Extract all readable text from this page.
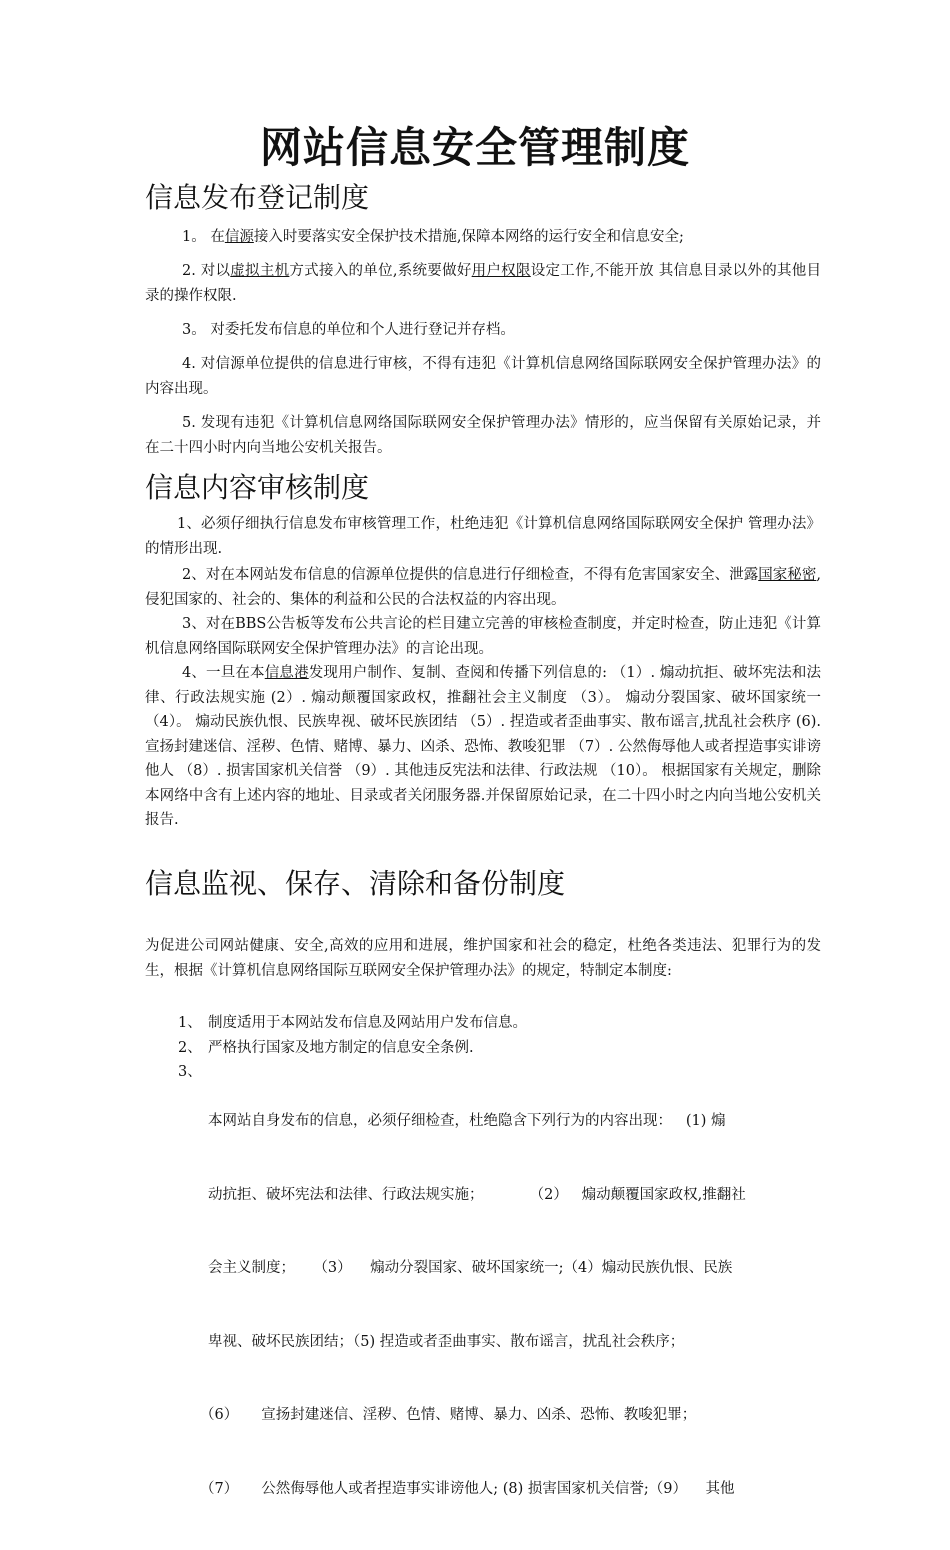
网站信息安全管理制度
信息发布登记制度
1。 在信源接入时要落实安全保护技术措施,保障本网络的运行安全和信息安全;
2. 对以虚拟主机方式接入的单位,系统要做好用户权限设定工作,不能开放 其信息目录以外的其他目录的操作权限.
3。 对委托发布信息的单位和个人进行登记并存档。
4. 对信源单位提供的信息进行审核，不得有违犯《计算机信息网络国际联网安全保护管理办法》的内容出现。
5. 发现有违犯《计算机信息网络国际联网安全保护管理办法》情形的，应当保留有关原始记录，并在二十四小时内向当地公安机关报告。
信息内容审核制度
1、必须仔细执行信息发布审核管理工作，杜绝违犯《计算机信息网络国际联网安全保护 管理办法》的情形出现.
2、对在本网站发布信息的信源单位提供的信息进行仔细检查，不得有危害国家安全、泄露国家秘密,侵犯国家的、社会的、集体的利益和公民的合法权益的内容出现。
3、对在BBS公告板等发布公共言论的栏目建立完善的审核检查制度，并定时检查，防止违犯《计算机信息网络国际联网安全保护管理办法》的言论出现。
4、一旦在本信息港发现用户制作、复制、查阅和传播下列信息的: （1）. 煽动抗拒、破坏宪法和法律、行政法规实施 (2）. 煽动颠覆国家政权，推翻社会主义制度 （3）。 煽动分裂国家、破坏国家统一 （4）。 煽动民族仇恨、民族卑视、破坏民族团结 （5）. 捏造或者歪曲事实、散布谣言,扰乱社会秩序 (6). 宣扬封建迷信、淫秽、色情、赌博、暴力、凶杀、恐怖、教唆犯罪 （7）. 公然侮辱他人或者捏造事实诽谤他人 （8）. 损害国家机关信誉 （9）. 其他违反宪法和法律、行政法规 （10）。 根据国家有关规定，删除本网络中含有上述内容的地址、目录或者关闭服务器.并保留原始记录，在二十四小时之内向当地公安机关报告.
信息监视、保存、清除和备份制度
为促进公司网站健康、安全,高效的应用和进展，维护国家和社会的稳定，杜绝各类违法、犯罪行为的发生，根据《计算机信息网络国际互联网安全保护管理办法》的规定，特制定本制度:
1、 制度适用于本网站发布信息及网站用户发布信息。
2、 严格执行国家及地方制定的信息安全条例.
3、

本网站自身发布的信息，必须仔细检查，杜绝隐含下列行为的内容出现：   (1) 煽

动抗拒、破坏宪法和法律、行政法规实施；          （2）   煽动颠覆国家政权,推翻社

会主义制度；    （3）    煽动分裂国家、破坏国家统一;（4）煽动民族仇恨、民族

卑视、破坏民族团结；（5) 捏造或者歪曲事实、散布谣言，扰乱社会秩序；

（6）     宣扬封建迷信、淫秽、色情、赌博、暴力、凶杀、恐怖、教唆犯罪；

（7）     公然侮辱他人或者捏造事实诽谤他人; (8) 损害国家机关信誉;（9）    其他
